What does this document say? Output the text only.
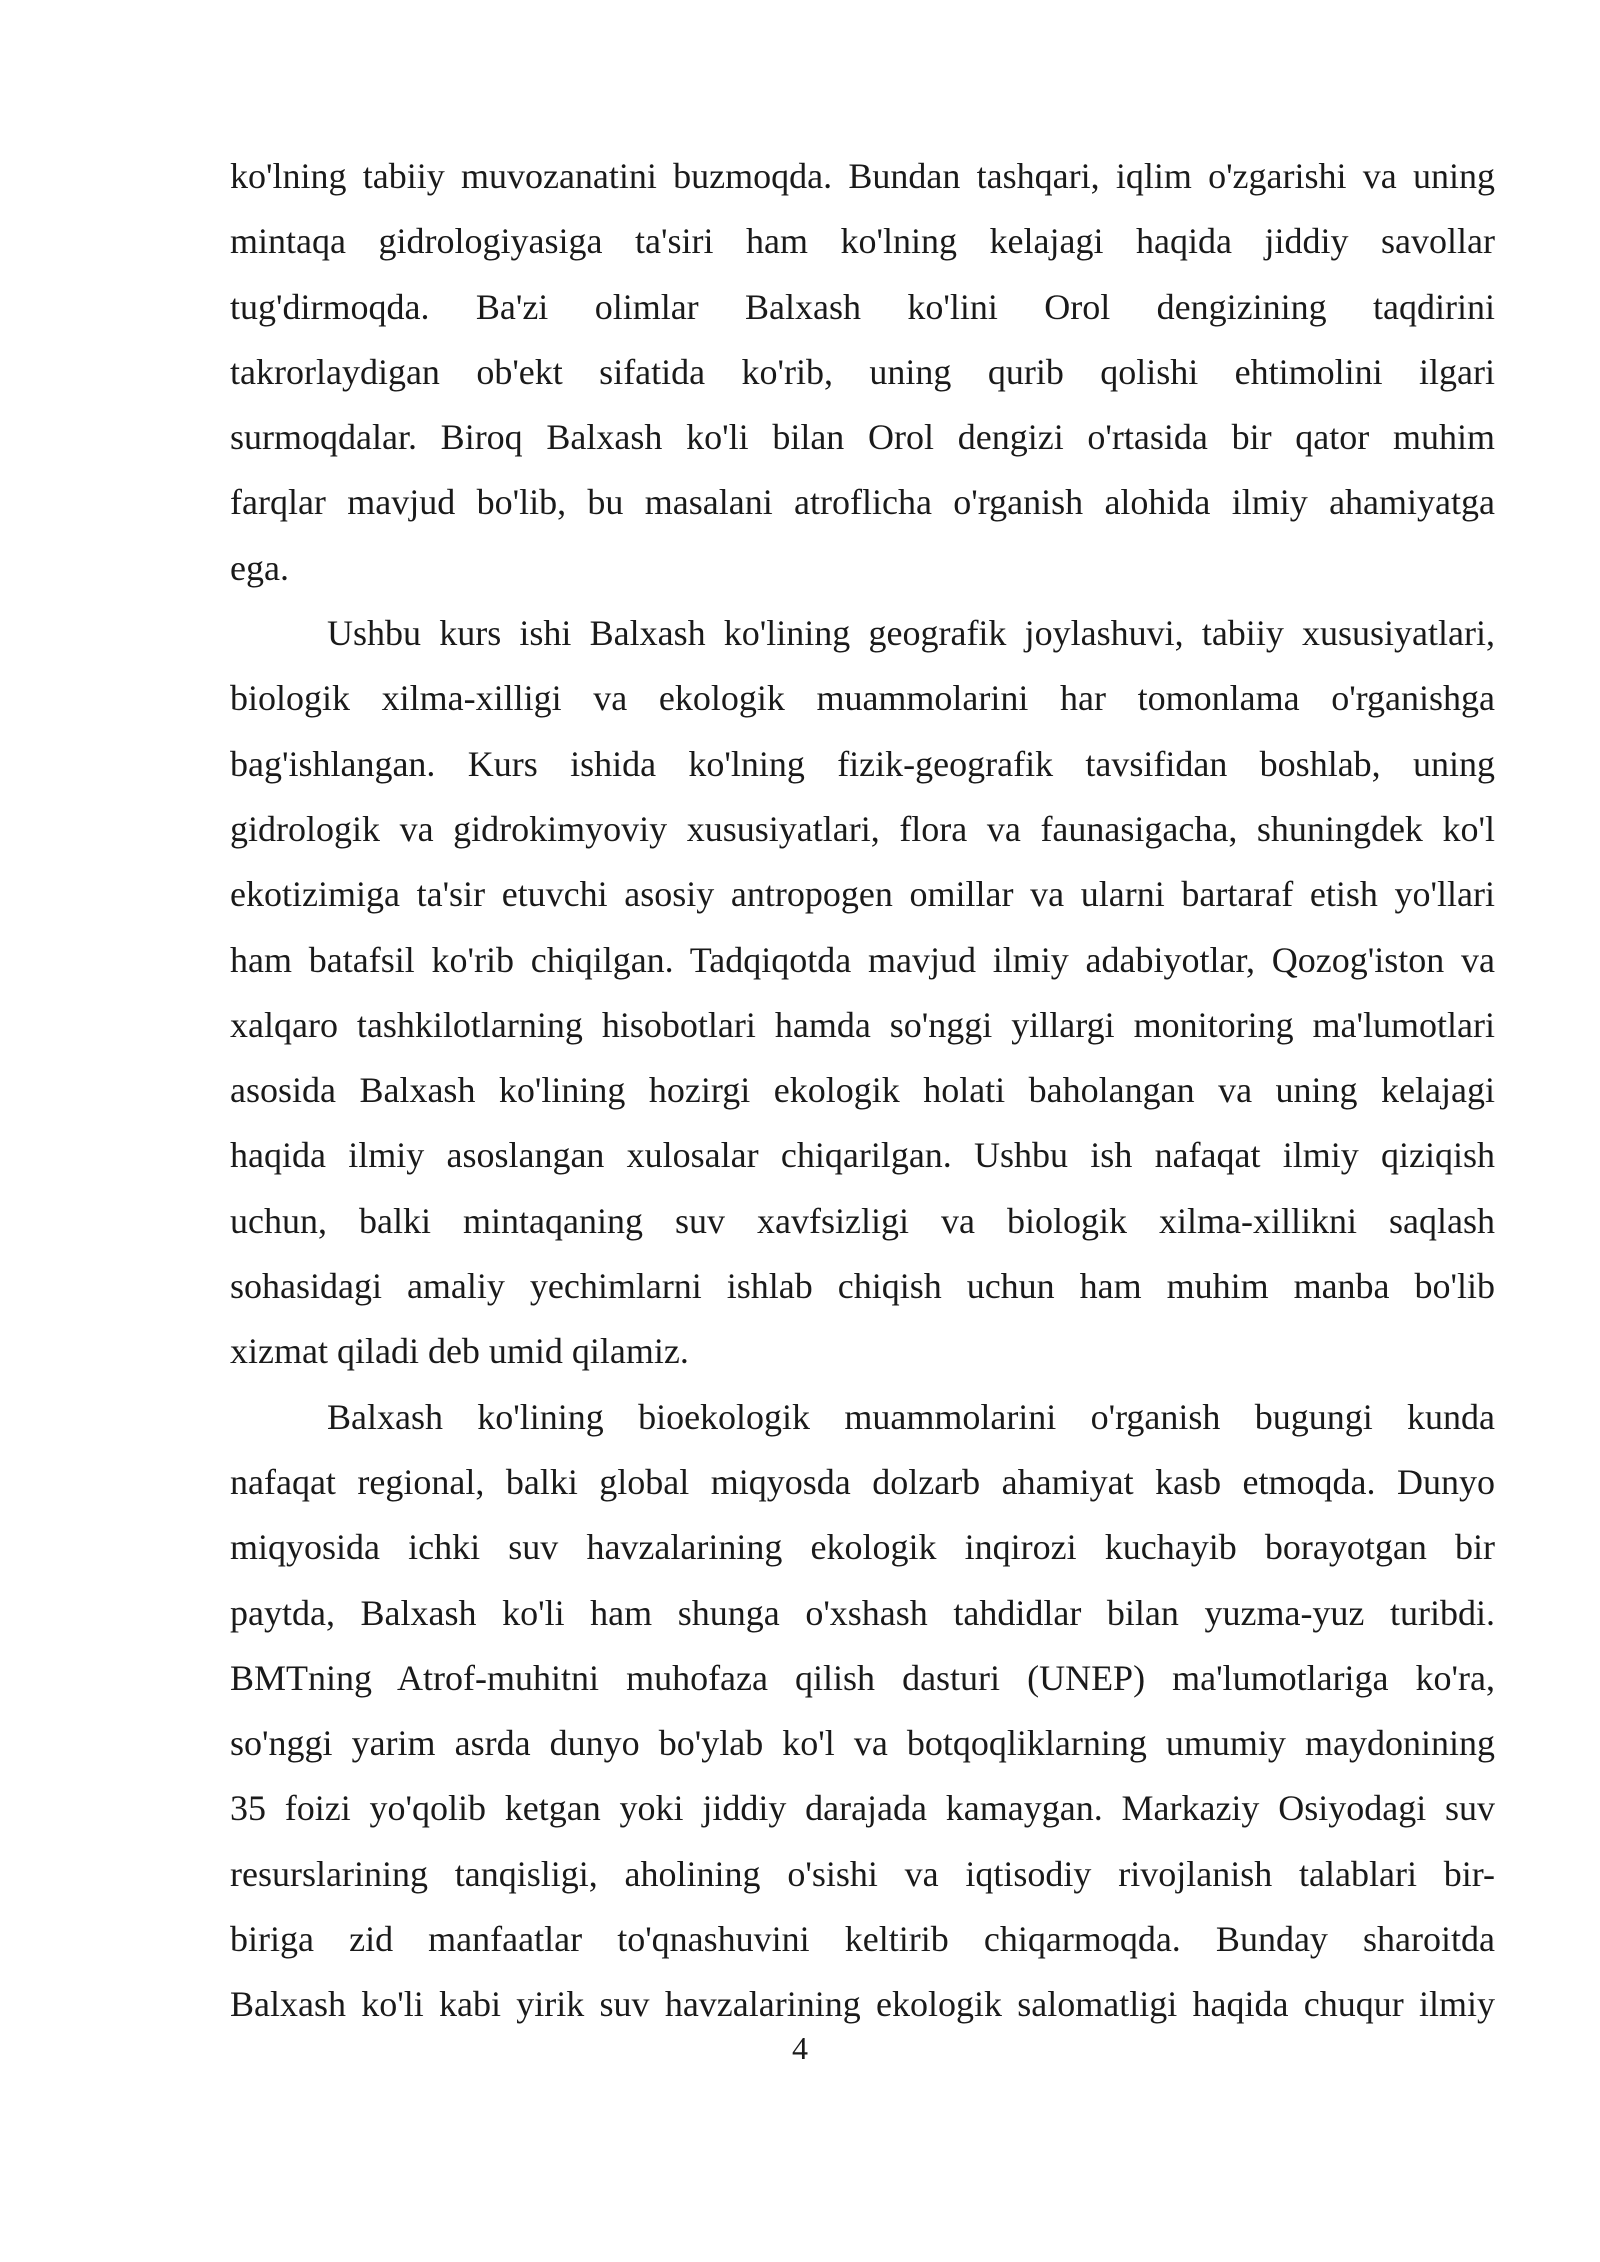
ko'lning tabiiy muvozanatini buzmoqda. Bundan tashqari, iqlim o'zgarishi va uning
mintaqa gidrologiyasiga ta'siri ham ko'lning kelajagi haqida jiddiy savollar
tug'dirmoqda. Ba'zi olimlar Balxash ko'lini Orol dengizining taqdirini
takrorlaydigan ob'ekt sifatida ko'rib, uning qurib qolishi ehtimolini ilgari
surmoqdalar. Biroq Balxash ko'li bilan Orol dengizi o'rtasida bir qator muhim
farqlar mavjud bo'lib, bu masalani atroflicha o'rganish alohida ilmiy ahamiyatga
ega.
Ushbu kurs ishi Balxash ko'lining geografik joylashuvi, tabiiy xususiyatlari,
biologik xilma-xilligi va ekologik muammolarini har tomonlama o'rganishga
bag'ishlangan. Kurs ishida ko'lning fizik-geografik tavsifidan boshlab, uning
gidrologik va gidrokimyoviy xususiyatlari, flora va faunasigacha, shuningdek ko'l
ekotizimiga ta'sir etuvchi asosiy antropogen omillar va ularni bartaraf etish yo'llari
ham batafsil ko'rib chiqilgan. Tadqiqotda mavjud ilmiy adabiyotlar, Qozog'iston va
xalqaro tashkilotlarning hisobotlari hamda so'nggi yillargi monitoring ma'lumotlari
asosida Balxash ko'lining hozirgi ekologik holati baholangan va uning kelajagi
haqida ilmiy asoslangan xulosalar chiqarilgan. Ushbu ish nafaqat ilmiy qiziqish
uchun, balki mintaqaning suv xavfsizligi va biologik xilma-xillikni saqlash
sohasidagi amaliy yechimlarni ishlab chiqish uchun ham muhim manba bo'lib
xizmat qiladi deb umid qilamiz.
Balxash ko'lining bioekologik muammolarini o'rganish bugungi kunda
nafaqat regional, balki global miqyosda dolzarb ahamiyat kasb etmoqda. Dunyo
miqyosida ichki suv havzalarining ekologik inqirozi kuchayib borayotgan bir
paytda, Balxash ko'li ham shunga o'xshash tahdidlar bilan yuzma-yuz turibdi.
BMTning Atrof-muhitni muhofaza qilish dasturi (UNEP) ma'lumotlariga ko'ra,
so'nggi yarim asrda dunyo bo'ylab ko'l va botqoqliklarning umumiy maydonining
35 foizi yo'qolib ketgan yoki jiddiy darajada kamaygan. Markaziy Osiyodagi suv
resurslarining tanqisligi, aholining o'sishi va iqtisodiy rivojlanish talablari bir-
biriga zid manfaatlar to'qnashuvini keltirib chiqarmoqda. Bunday sharoitda
Balxash ko'li kabi yirik suv havzalarining ekologik salomatligi haqida chuqur ilmiy
4
